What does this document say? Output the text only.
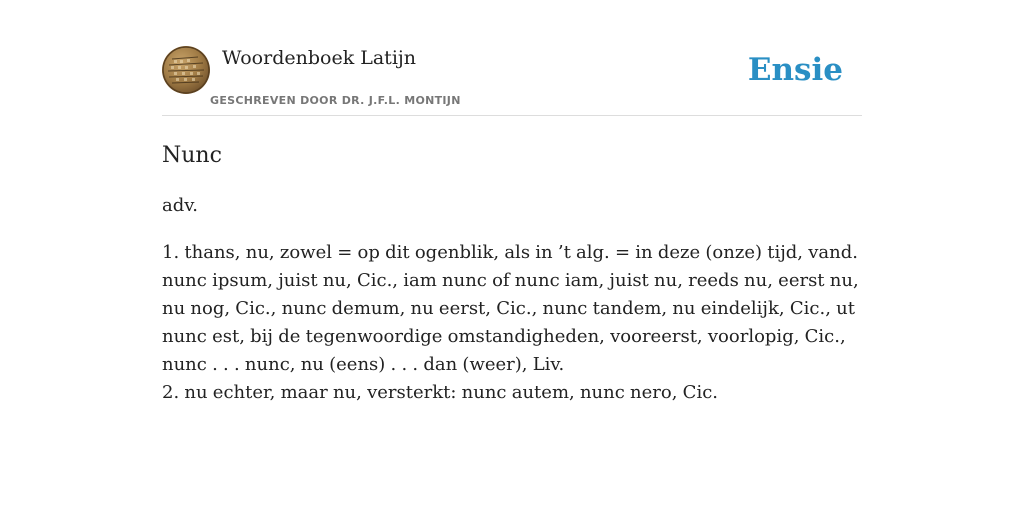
Woordenboek Latijn
GESCHREVEN DOOR DR. J.F.L. MONTIJN
Ensie
Nunc
adv.
1. thans, nu, zowel = op dit ogenblik, als in ’t alg. = in deze (onze) tijd, vand. nunc ipsum, juist nu, Cic., iam nunc of nunc iam, juist nu, reeds nu, eerst nu, nu nog, Cic., nunc demum, nu eerst, Cic., nunc tandem, nu eindelijk, Cic., ut nunc est, bij de tegenwoordige omstandigheden, vooreerst, voorlopig, Cic., nunc . . . nunc, nu (eens) . . . dan (weer), Liv.
2. nu echter, maar nu, versterkt: nunc autem, nunc nero, Cic.
